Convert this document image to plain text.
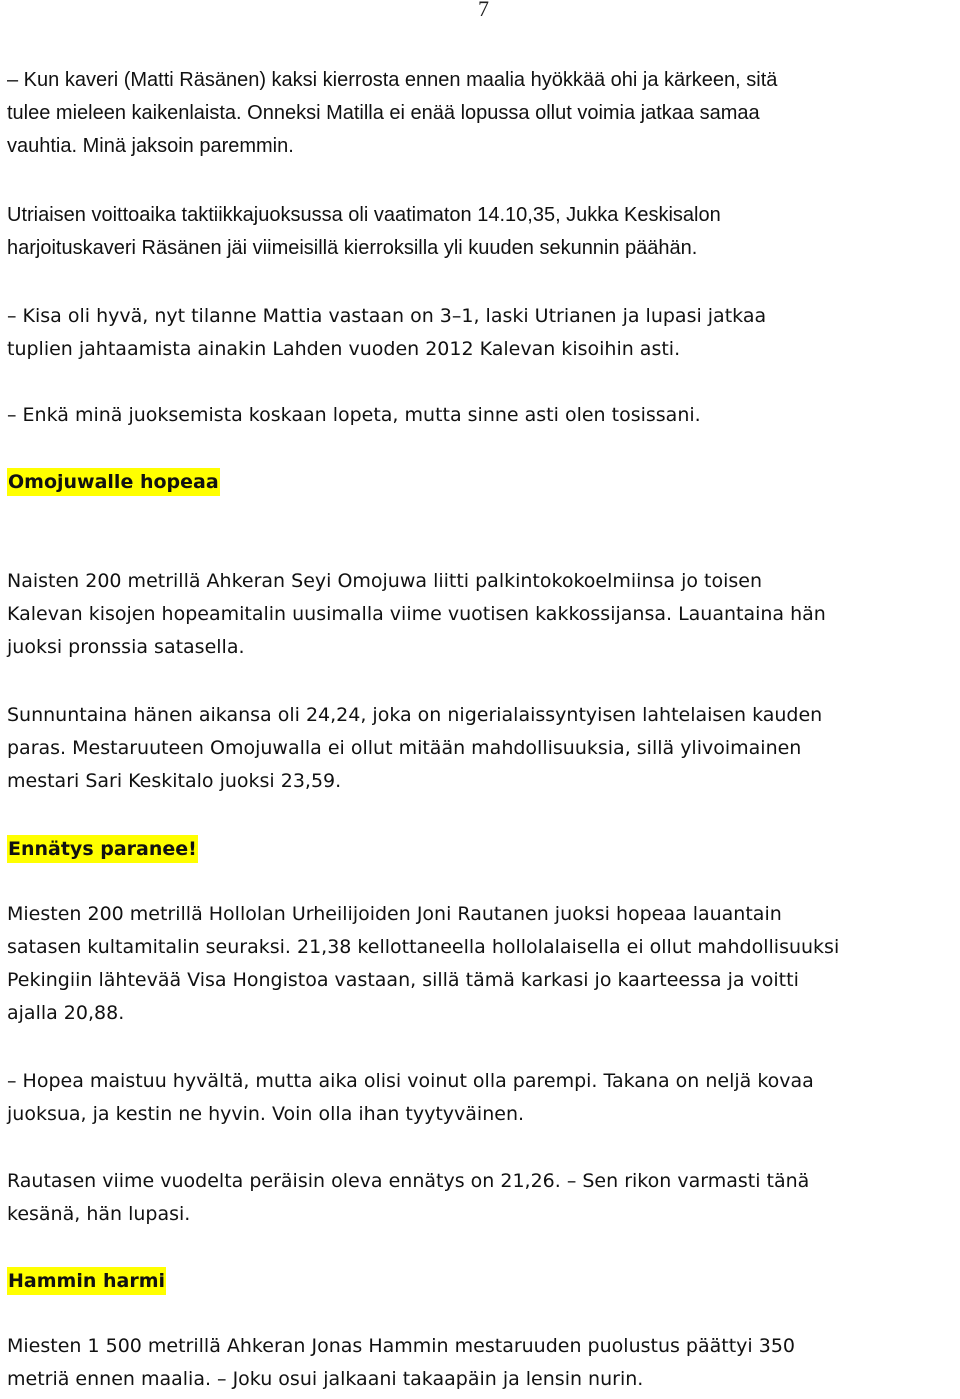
7

– Kun kaveri (Matti Räsänen) kaksi kierrosta ennen maalia hyökkää ohi ja kärkeen, sitä
tulee mieleen kaikenlaista. Onneksi Matilla ei enää lopussa ollut voimia jatkaa samaa
vauhtia. Minä jaksoin paremmin.

Utriaisen voittoaika taktiikkajuoksussa oli vaatimaton 14.10,35, Jukka Keskisalon
harjoituskaveri Räsänen jäi viimeisillä kierroksilla yli kuuden sekunnin päähän.

– Kisa oli hyvä, nyt tilanne Mattia vastaan on 3–1, laski Utrianen ja lupasi jatkaa
tuplien jahtaamista ainakin Lahden vuoden 2012 Kalevan kisoihin asti.

– Enkä minä juoksemista koskaan lopeta, mutta sinne asti olen tosissani.

Omojuwalle hopeaa

Naisten 200 metrillä Ahkeran Seyi Omojuwa liitti palkintokokoelmiinsa jo toisen
Kalevan kisojen hopeamitalin uusimalla viime vuotisen kakkossijansa. Lauantaina hän
juoksi pronssia satasella.

Sunnuntaina hänen aikansa oli 24,24, joka on nigerialaissyntyisen lahtelaisen kauden
paras. Mestaruuteen Omojuwalla ei ollut mitään mahdollisuuksia, sillä ylivoimainen
mestari Sari Keskitalo juoksi 23,59.

Ennätys paranee!

Miesten 200 metrillä Hollolan Urheilijoiden Joni Rautanen juoksi hopeaa lauantain
satasen kultamitalin seuraksi. 21,38 kellottaneella hollolalaisella ei ollut mahdollisuuksi
Pekingiin lähtevää Visa Hongistoa vastaan, sillä tämä karkasi jo kaarteessa ja voitti
ajalla 20,88.

– Hopea maistuu hyvältä, mutta aika olisi voinut olla parempi. Takana on neljä kovaa
juoksua, ja kestin ne hyvin. Voin olla ihan tyytyväinen.

Rautasen viime vuodelta peräisin oleva ennätys on 21,26. – Sen rikon varmasti tänä
kesänä, hän lupasi.

Hammin harmi

Miesten 1 500 metrillä Ahkeran Jonas Hammin mestaruuden puolustus päättyi 350
metriä ennen maalia. – Joku osui jalkaani takaapäin ja lensin nurin.
